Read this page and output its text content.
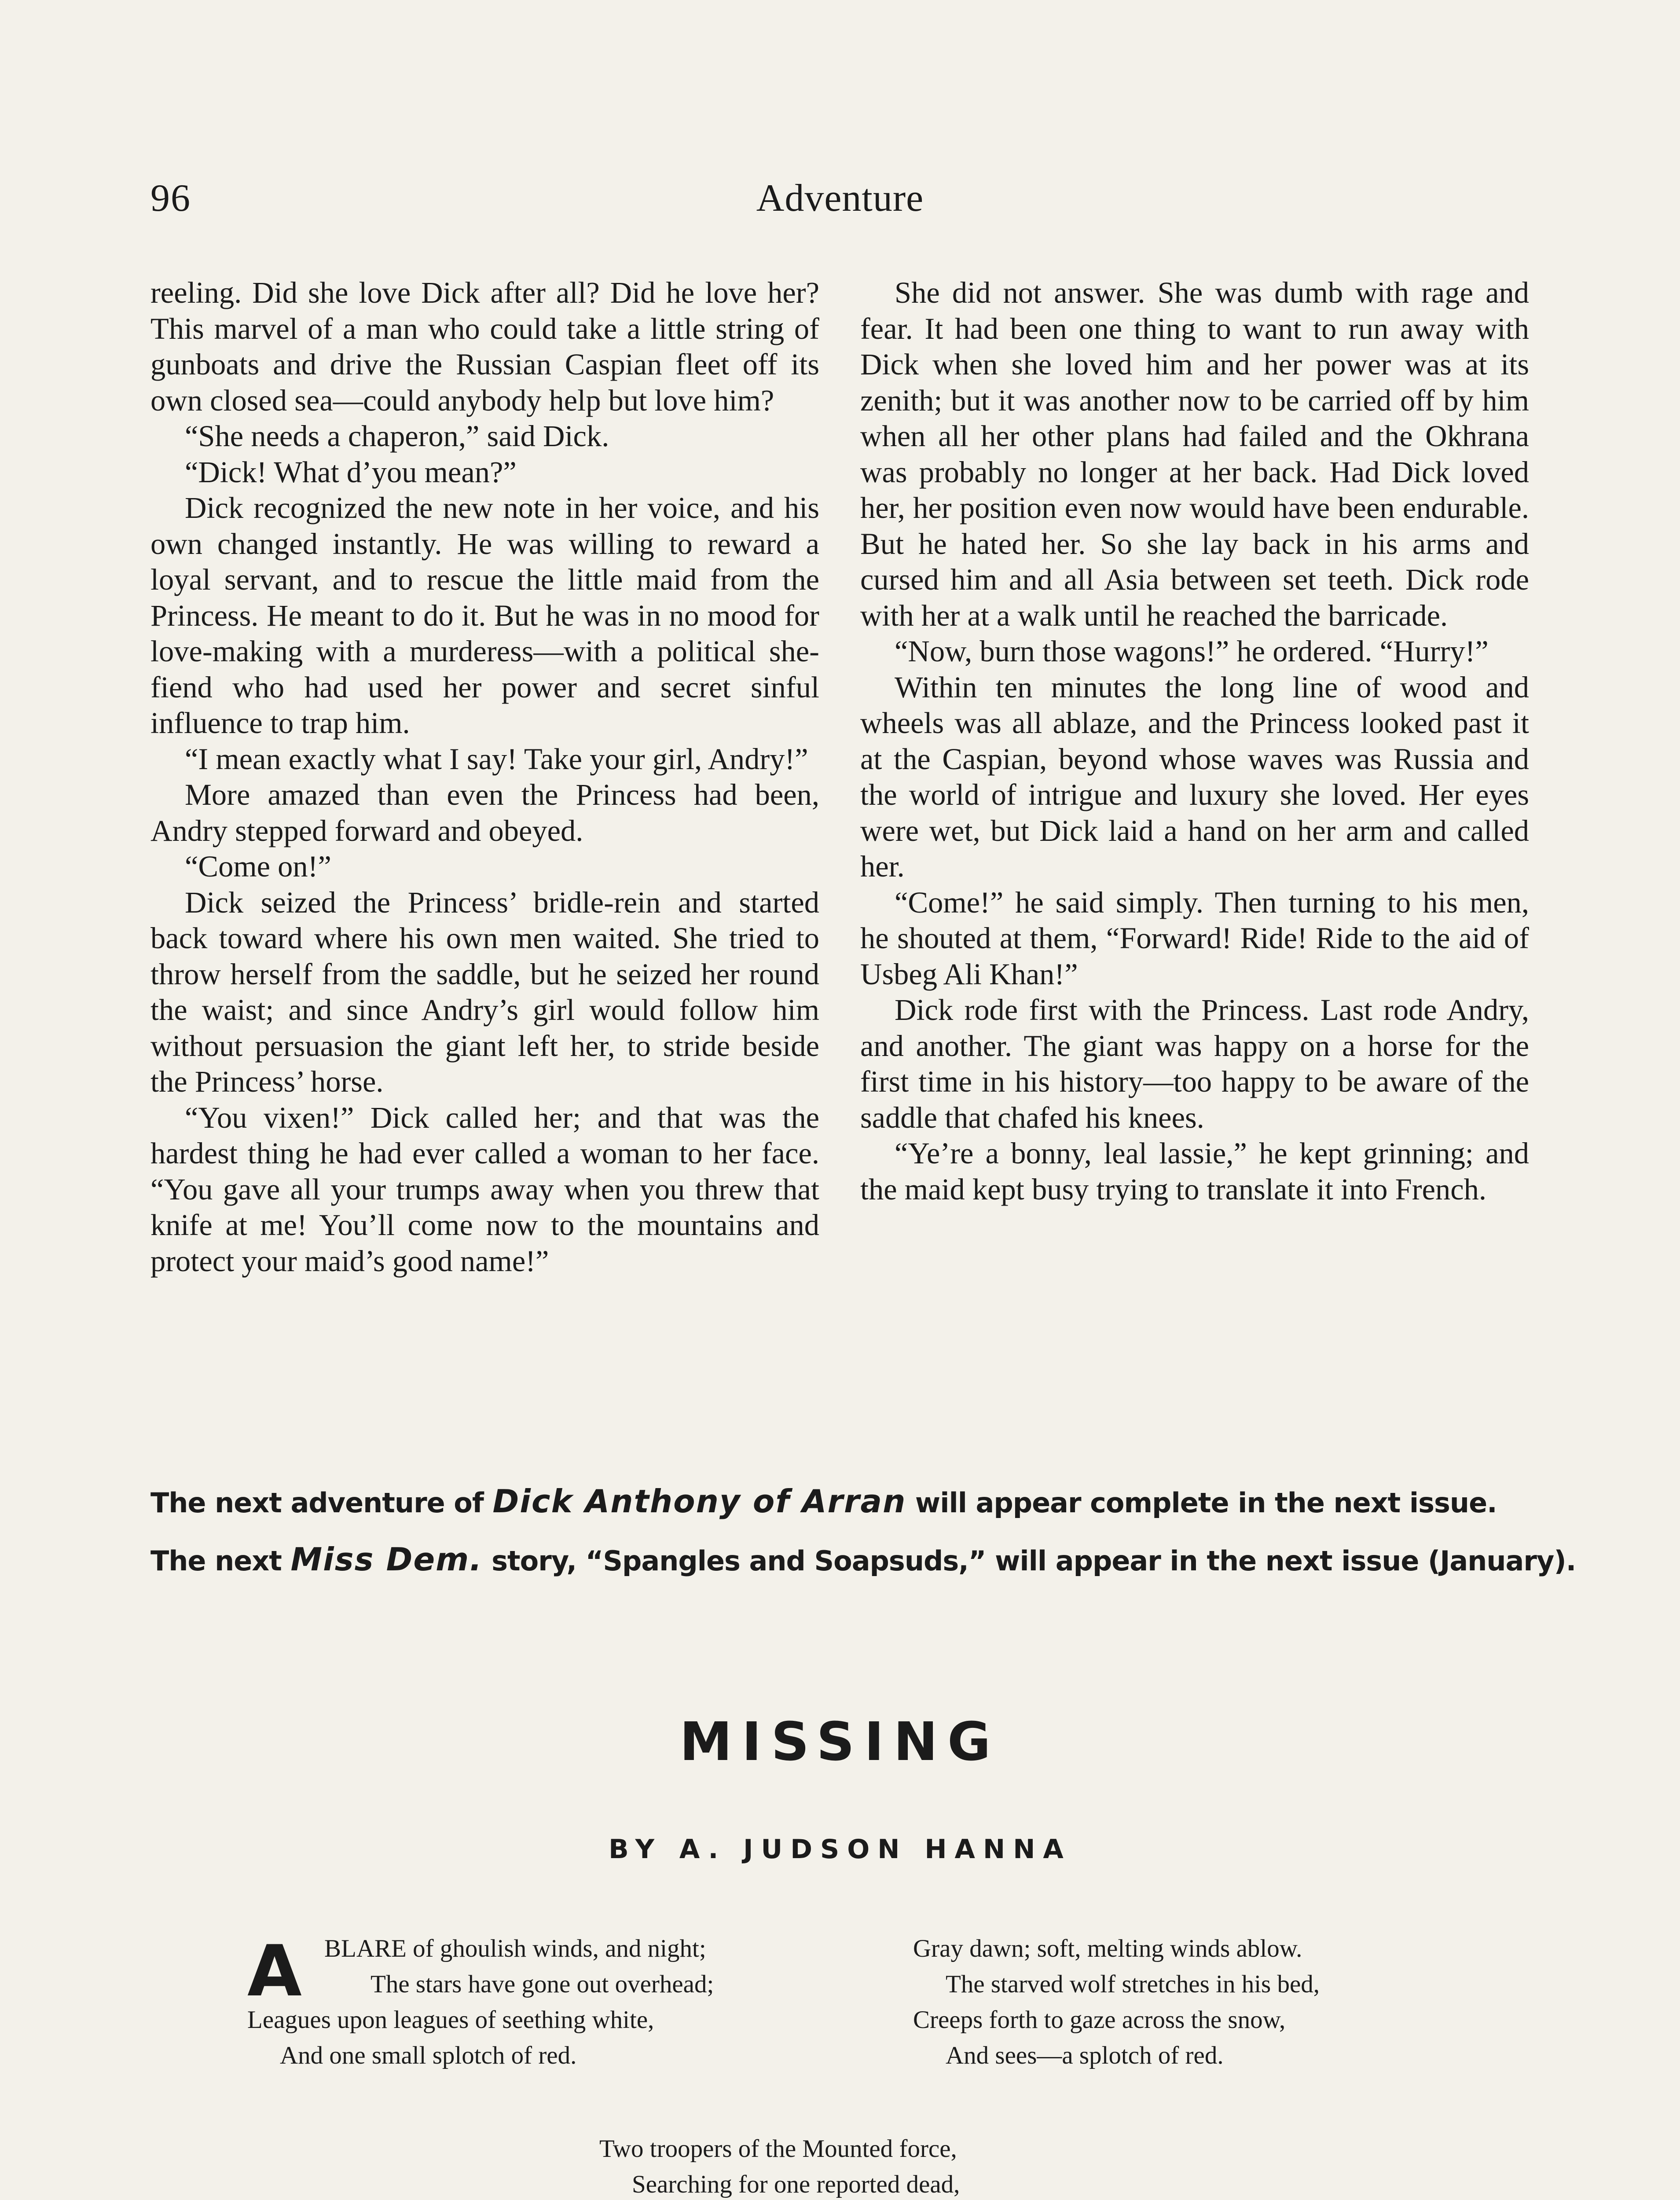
96	Adventure

reeling. Did she love Dick after all? Did he love her? This marvel of a man who could take a little string of gunboats and drive the Russian Caspian fleet off its own closed sea—could anybody help but love him?

“She needs a chaperon,” said Dick.

“Dick! What d’you mean?”

Dick recognized the new note in her voice, and his own changed instantly. He was willing to reward a loyal servant, and to rescue the little maid from the Princess. He meant to do it. But he was in no mood for love-making with a murderess—with a political she-fiend who had used her power and secret sinful influence to trap him.

“I mean exactly what I say! Take your girl, Andry!”

More amazed than even the Princess had been, Andry stepped forward and obeyed.

“Come on!”

Dick seized the Princess’ bridle-rein and started back toward where his own men waited. She tried to throw herself from the saddle, but he seized her round the waist; and since Andry’s girl would follow him without persuasion the giant left her, to stride beside the Princess’ horse.

“You vixen!” Dick called her; and that was the hardest thing he had ever called a woman to her face. “You gave all your trumps away when you threw that knife at me! You’ll come now to the mountains and protect your maid’s good name!”

She did not answer. She was dumb with rage and fear. It had been one thing to want to run away with Dick when she loved him and her power was at its zenith; but it was another now to be carried off by him when all her other plans had failed and the Okhrana was probably no longer at her back. Had Dick loved her, her position even now would have been endurable. But he hated her. So she lay back in his arms and cursed him and all Asia between set teeth. Dick rode with her at a walk until he reached the barricade.

“Now, burn those wagons!” he ordered. “Hurry!”

Within ten minutes the long line of wood and wheels was all ablaze, and the Princess looked past it at the Caspian, beyond whose waves was Russia and the world of intrigue and luxury she loved. Her eyes were wet, but Dick laid a hand on her arm and called her.

“Come!” he said simply. Then turning to his men, he shouted at them, “Forward! Ride! Ride to the aid of Usbeg Ali Khan!”

Dick rode first with the Princess. Last rode Andry, and another. The giant was happy on a horse for the first time in his history—too happy to be aware of the saddle that chafed his knees.

“Ye’re a bonny, leal lassie,” he kept grinning; and the maid kept busy trying to translate it into French.

The next adventure of Dick Anthony of Arran will appear complete in the next issue.
The next Miss Dem. story, “Spangles and Soapsuds,” will appear in the next issue (January).
MISSING
BY A. JUDSON HANNA
A BLARE of ghoulish winds, and night;
The stars have gone out overhead;
Leagues upon leagues of seething white,
And one small splotch of red.
Gray dawn; soft, melting winds ablow.
The starved wolf stretches in his bed,
Creeps forth to gaze across the snow,
And sees—a splotch of red.
Two troopers of the Mounted force,
Searching for one reported dead,
